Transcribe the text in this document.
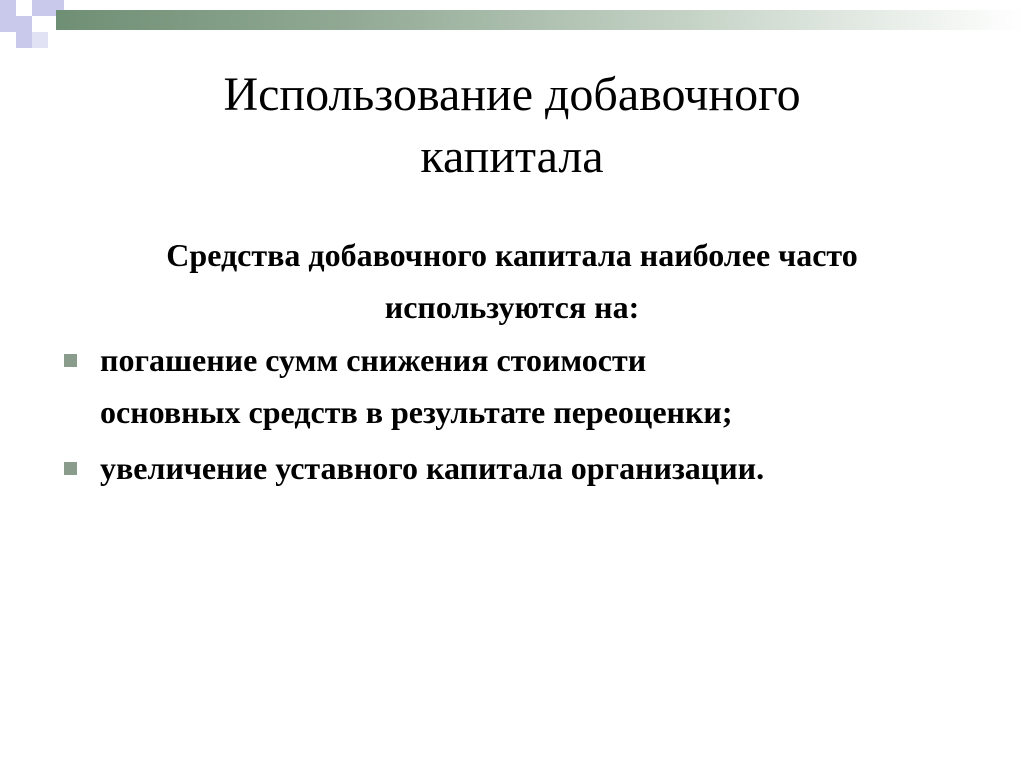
Использование добавочного
капитала

Средства добавочного капитала наиболее часто
используются на:

погашение сумм снижения стоимости
основных средств в результате переоценки;
увеличение уставного капитала организации.
